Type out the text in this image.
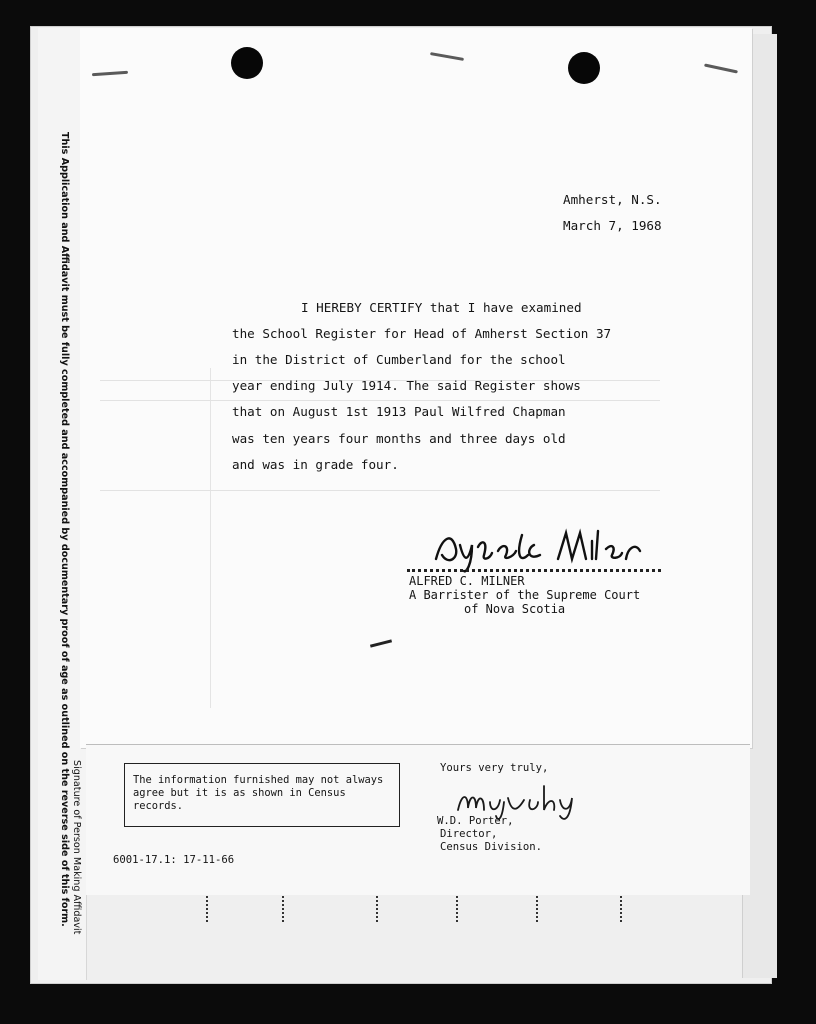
This Application and Affidavit must be fully completed and accompanied by documentary proof of age as outlined on the reverse side of this form. Signature of Person Making Affidavit
Amherst, N.S.
March 7, 1968
I HEREBY CERTIFY that I have examined
the School Register for Head of Amherst Section 37
in the District of Cumberland for the school
year ending July 1914. The said Register shows
that on August 1st 1913 Paul Wilfred Chapman
was ten years four months and three days old
and was in grade four.
ALFRED C. MILNER
A Barrister of the Supreme Court
of Nova Scotia
The information furnished may not always agree but it is as shown in Census records.
Yours very truly,
W.D. Porter,
Director,
Census Division.
6001-17.1: 17-11-66
